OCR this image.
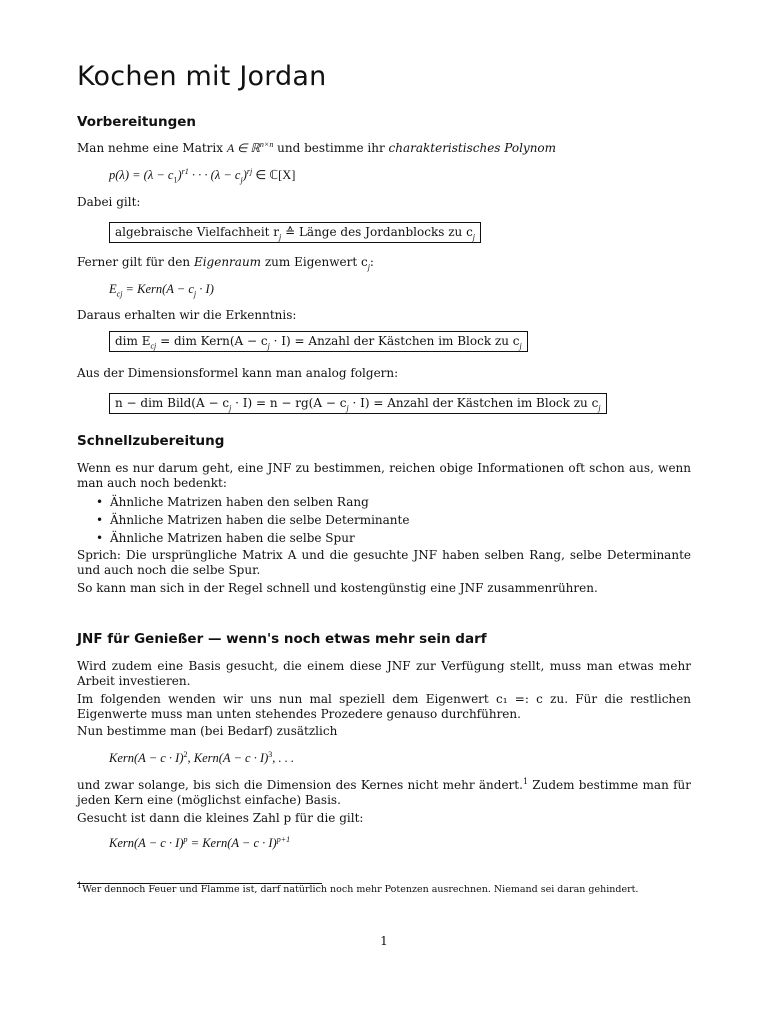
Kochen mit Jordan
Vorbereitungen
Man nehme eine Matrix A ∈ ℝ$^{n\times n}$ und bestimme ihr charakteristisches Polynom
$p(\lambda) = (\lambda - c_1)^{r1}$ · · · $(\lambda - c_j)^{rj}$ ∈ ℂ[X]
Dabei gilt:
algebraische Vielfachheit $r_j$ ≙ Länge des Jordanblocks zu $c_j$
Ferner gilt für den Eigenraum zum Eigenwert $c_j$:
$E_{cj}$ = Kern(A − $c_j \cdot I$)
Daraus erhalten wir die Erkenntnis:
dim $E_{cj}$ = dim Kern(A − $c_j \cdot I$) = Anzahl der Kästchen im Block zu $c_j$
Aus der Dimensionsformel kann man analog folgern:
n − dim Bild(A − $c_j \cdot I) = n - rg(A - c_j \cdot I)$ = Anzahl der Kästchen im Block zu $c_j$
Schnellzubereitung
Wenn es nur darum geht, eine JNF zu bestimmen, reichen obige Informationen oft schon aus, wenn man auch noch bedenkt:
• Ähnliche Matrizen haben den selben Rang
• Ähnliche Matrizen haben die selbe Determinante
• Ähnliche Matrizen haben die selbe Spur
Sprich: Die ursprüngliche Matrix A und die gesuchte JNF haben selben Rang, selbe Determinante und auch noch die selbe Spur.
So kann man sich in der Regel schnell und kostengünstig eine JNF zusammenrühren.
JNF für Genießer — wenn's noch etwas mehr sein darf
Wird zudem eine Basis gesucht, die einem diese JNF zur Verfügung stellt, muss man etwas mehr Arbeit investieren.
Im folgenden wenden wir uns nun mal speziell dem Eigenwert c₁ =: c zu. Für die restlichen Eigenwerte muss man unten stehendes Prozedere genauso durchführen.
Nun bestimme man (bei Bedarf) zusätzlich
Kern(A − c · I)$^2$, Kern(A − c · I)$^3$, . . .
und zwar solange, bis sich die Dimension des Kernes nicht mehr ändert.$^1$ Zudem bestimme man für jeden Kern eine (möglichst einfache) Basis.
Gesucht ist dann die kleines Zahl p für die gilt:
Kern(A − c · I)$^p$ = Kern(A − c · I)$^{p+1}$
$^1$Wer dennoch Feuer und Flamme ist, darf natürlich noch mehr Potenzen ausrechnen. Niemand sei daran gehindert.
1
